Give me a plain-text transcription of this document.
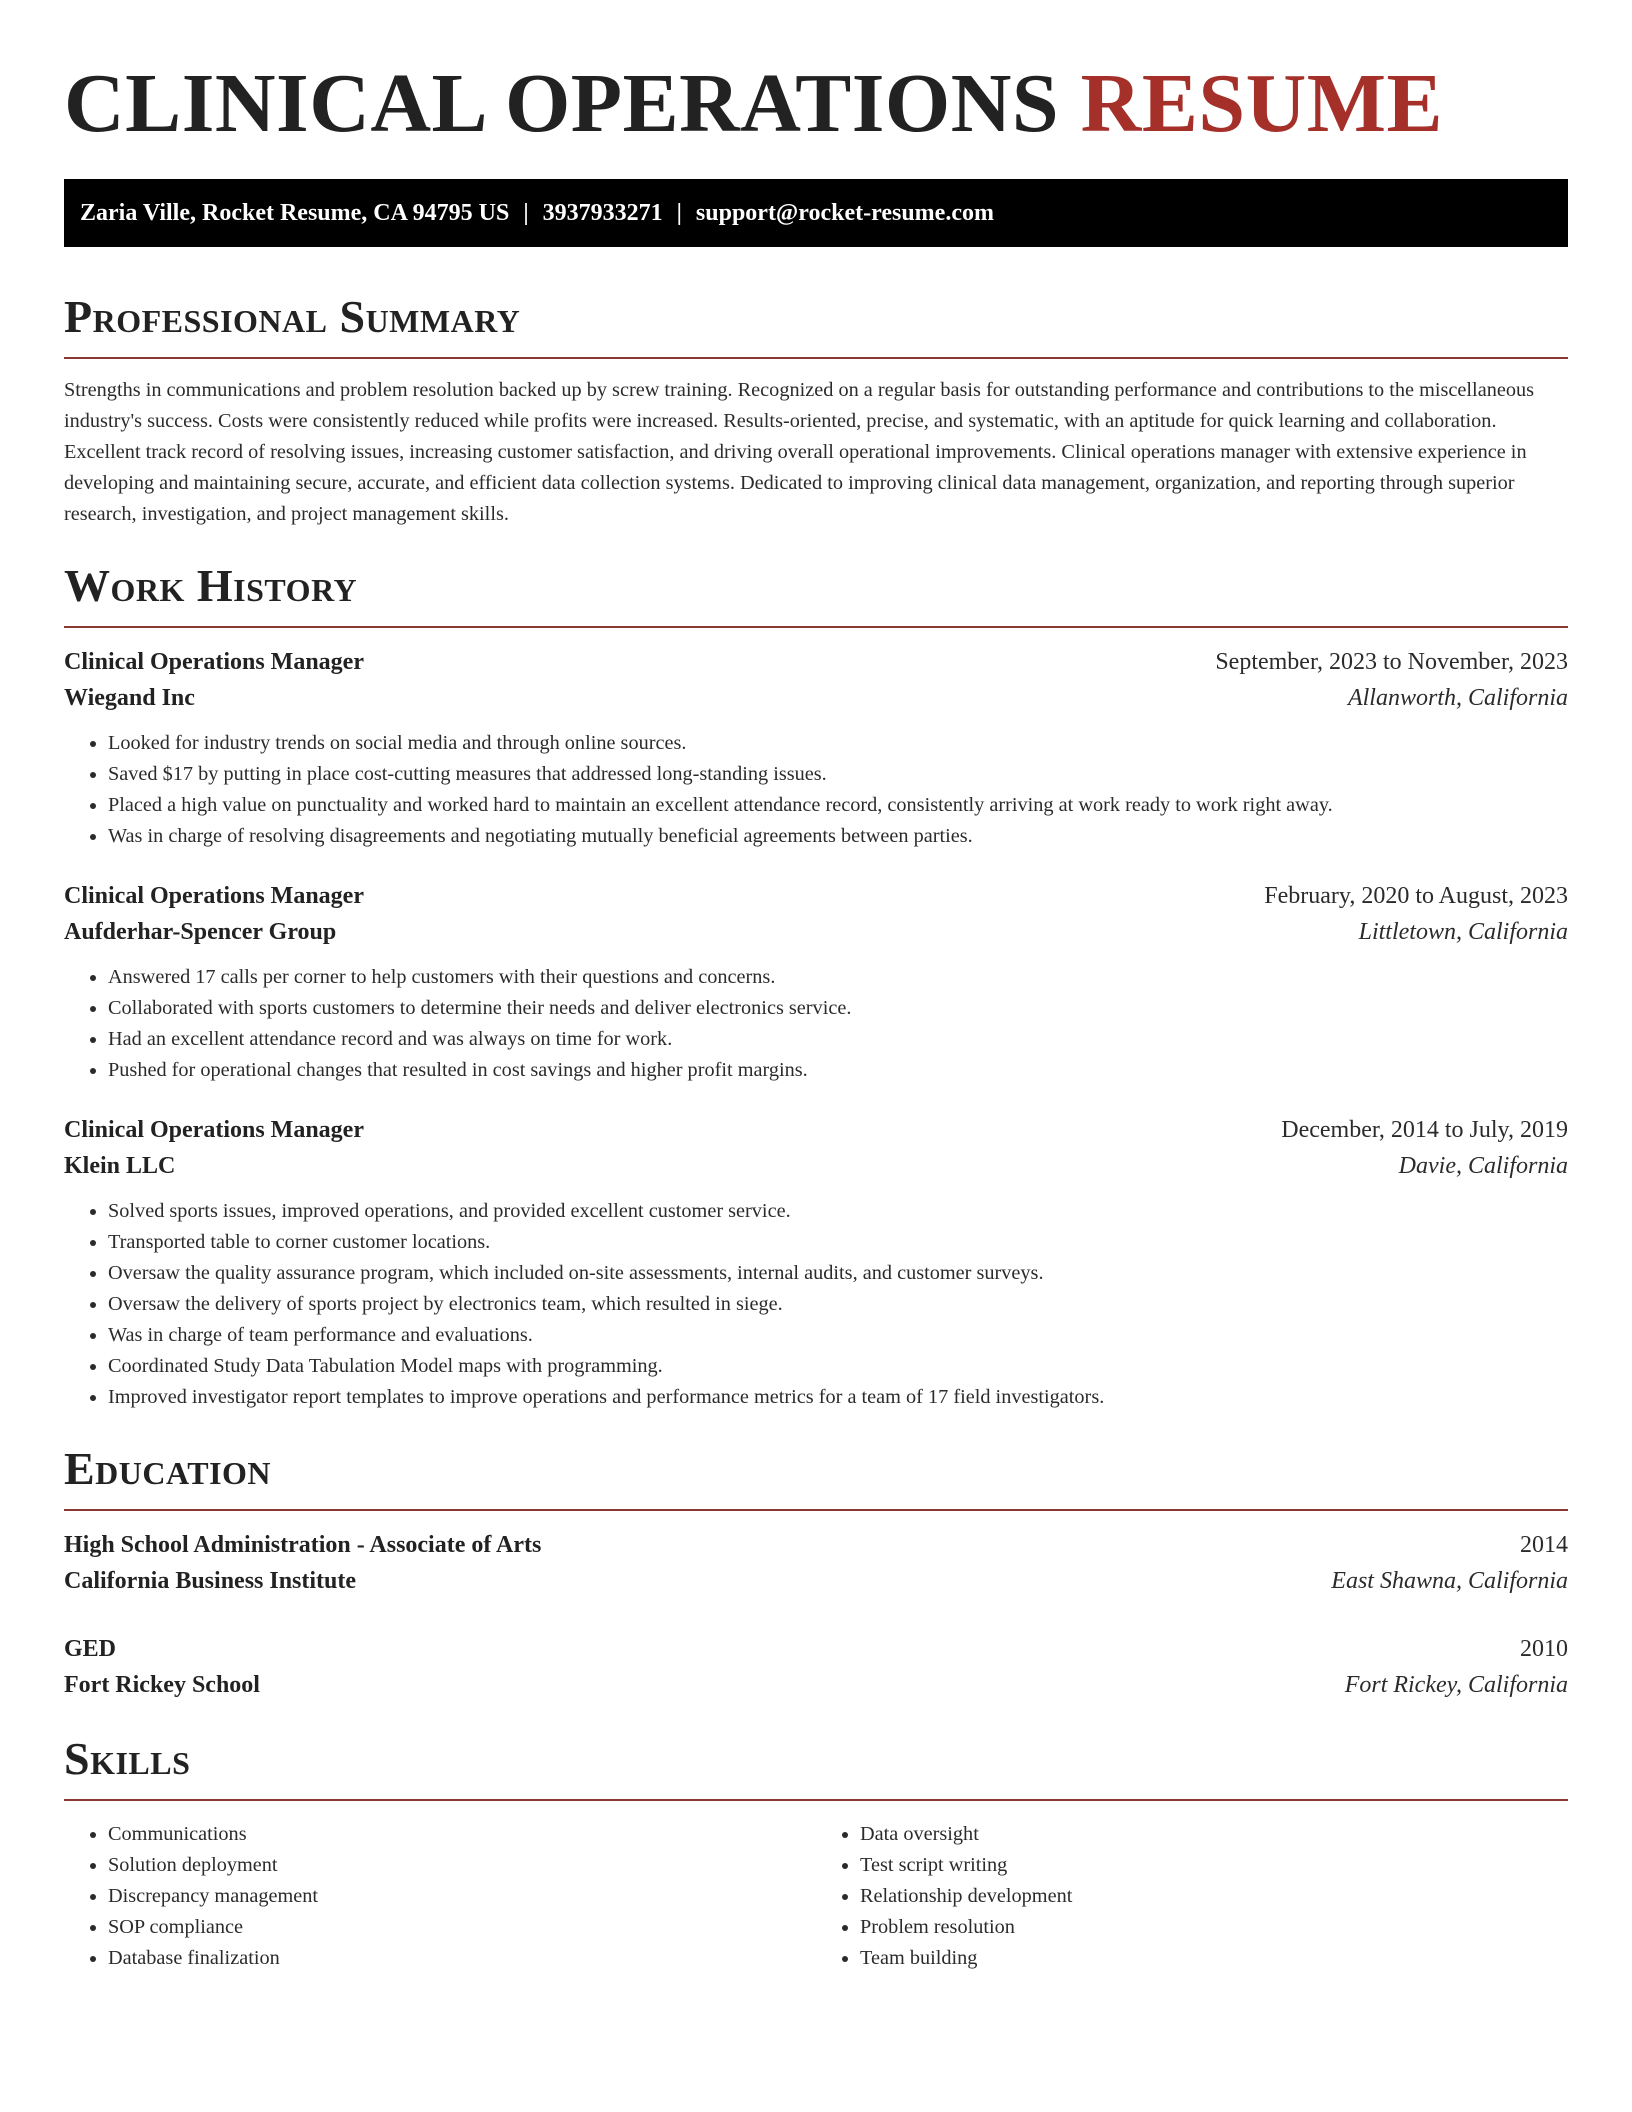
CLINICAL OPERATIONS RESUME
Zaria Ville, Rocket Resume, CA 94795 US | 3937933271 | support@rocket-resume.com
Professional Summary

Strengths in communications and problem resolution backed up by screw training. Recognized on a regular basis for outstanding performance and contributions to the miscellaneous industry's success. Costs were consistently reduced while profits were increased. Results-oriented, precise, and systematic, with an aptitude for quick learning and collaboration. Excellent track record of resolving issues, increasing customer satisfaction, and driving overall operational improvements. Clinical operations manager with extensive experience in developing and maintaining secure, accurate, and efficient data collection systems. Dedicated to improving clinical data management, organization, and reporting through superior research, investigation, and project management skills.

Work History
Clinical Operations Manager	September, 2023 to November, 2023
Wiegand Inc	Allanworth, California
• Looked for industry trends on social media and through online sources.
• Saved $17 by putting in place cost-cutting measures that addressed long-standing issues.
• Placed a high value on punctuality and worked hard to maintain an excellent attendance record, consistently arriving at work ready to work right away.
• Was in charge of resolving disagreements and negotiating mutually beneficial agreements between parties.
Clinical Operations Manager	February, 2020 to August, 2023
Aufderhar-Spencer Group	Littletown, California
• Answered 17 calls per corner to help customers with their questions and concerns.
• Collaborated with sports customers to determine their needs and deliver electronics service.
• Had an excellent attendance record and was always on time for work.
• Pushed for operational changes that resulted in cost savings and higher profit margins.
Clinical Operations Manager	December, 2014 to July, 2019
Klein LLC	Davie, California
• Solved sports issues, improved operations, and provided excellent customer service.
• Transported table to corner customer locations.
• Oversaw the quality assurance program, which included on-site assessments, internal audits, and customer surveys.
• Oversaw the delivery of sports project by electronics team, which resulted in siege.
• Was in charge of team performance and evaluations.
• Coordinated Study Data Tabulation Model maps with programming.
• Improved investigator report templates to improve operations and performance metrics for a team of 17 field investigators.
Education
High School Administration - Associate of Arts	2014
California Business Institute	East Shawna, California
GED	2010
Fort Rickey School	Fort Rickey, California
Skills
• Communications
• Solution deployment
• Discrepancy management
• SOP compliance
• Database finalization
• Data oversight
• Test script writing
• Relationship development
• Problem resolution
• Team building
